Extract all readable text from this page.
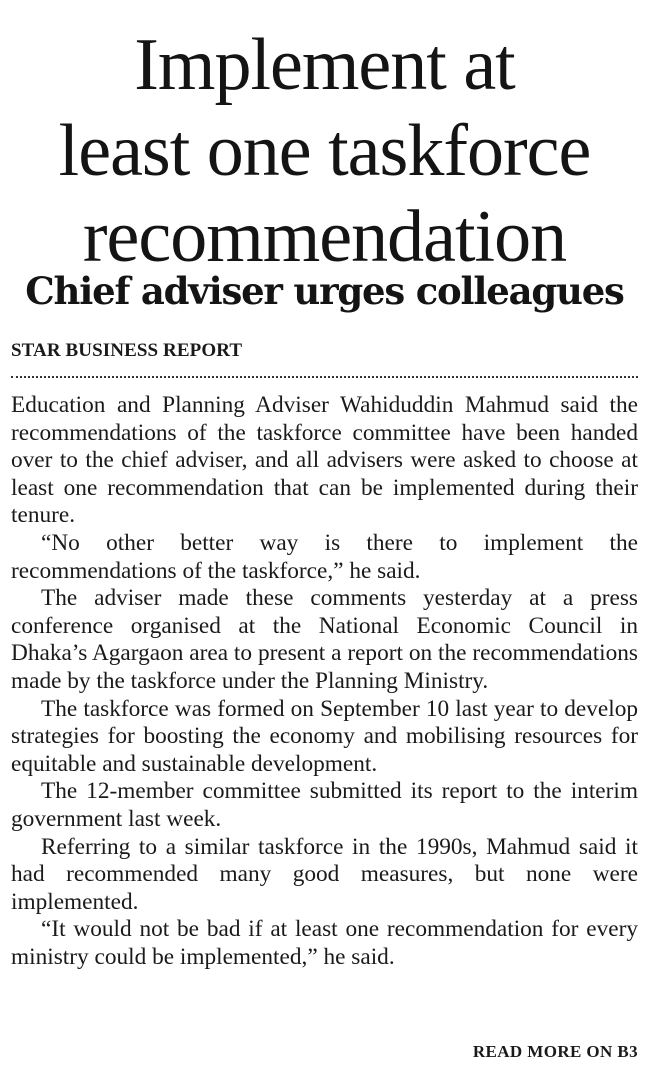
Implement at
least one taskforce
recommendation
Chief adviser urges colleagues
STAR BUSINESS REPORT

Education and Planning Adviser Wahiduddin Mahmud said the recommendations of the taskforce committee have been handed over to the chief adviser, and all advisers were asked to choose at least one recommendation that can be implemented during their tenure.

“No other better way is there to implement the recommendations of the taskforce,” he said.

The adviser made these comments yesterday at a press conference organised at the National Economic Council in Dhaka’s Agargaon area to present a report on the recommendations made by the taskforce under the Planning Ministry.

The taskforce was formed on September 10 last year to develop strategies for boosting the economy and mobilising resources for equitable and sustainable development.

The 12-member committee submitted its report to the interim government last week.

Referring to a similar taskforce in the 1990s, Mahmud said it had recommended many good measures, but none were implemented.

“It would not be bad if at least one recommendation for every ministry could be implemented,” he said.

READ MORE ON B3
